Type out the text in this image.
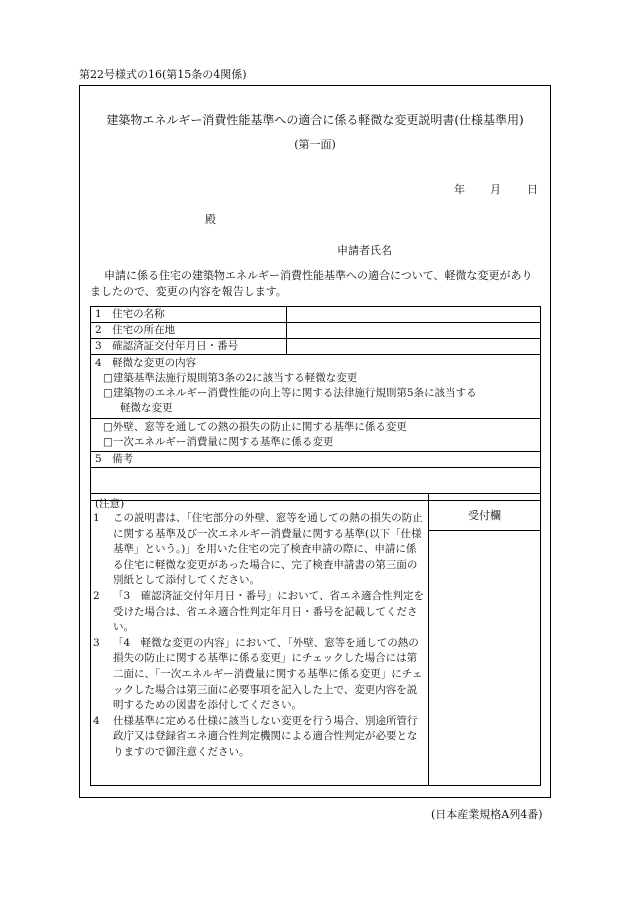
第22号様式の16(第15条の4関係)
建築物エネルギー消費性能基準への適合に係る軽微な変更説明書(仕様基準用)
(第一面)
年 月 日
殿
申請者氏名
申請に係る住宅の建築物エネルギー消費性能基準への適合について、軽微な変更がありましたので、変更の内容を報告します。
1　住宅の名称	
2　住宅の所在地	
3　確認済証交付年月日・番号	

4　軽微な変更の内容
□建築基準法施行規則第3条の2に該当する軽微な変更
□建築物のエネルギー消費性能の向上等に関する法律施行規則第5条に該当する
軽微な変更	

□外壁、窓等を通しての熱の損失の防止に関する基準に係る変更
□一次エネルギー消費量に関する基準に係る変更	

5　備考	

受付欄
(注意)
1 この説明書は、「住宅部分の外壁、窓等を通しての熱の損失の防止に関する基準及び一次エネルギー消費量に関する基準(以下「仕様基準」という。)」を用いた住宅の完了検査申請の際に、申請に係る住宅に軽微な変更があった場合に、完了検査申請書の第三面の別紙として添付してください。
2 「3　確認済証交付年月日・番号」において、省エネ適合性判定を受けた場合は、省エネ適合性判定年月日・番号を記載してください。
3 「4　軽微な変更の内容」において、「外壁、窓等を通しての熱の損失の防止に関する基準に係る変更」にチェックした場合には第二面に、「一次エネルギー消費量に関する基準に係る変更」にチェックした場合は第三面に必要事項を記入した上で、変更内容を説明するための図書を添付してください。
4 仕様基準に定める仕様に該当しない変更を行う場合、別途所管行政庁又は登録省エネ適合性判定機関による適合性判定が必要となりますので御注意ください。
(日本産業規格A列4番)
